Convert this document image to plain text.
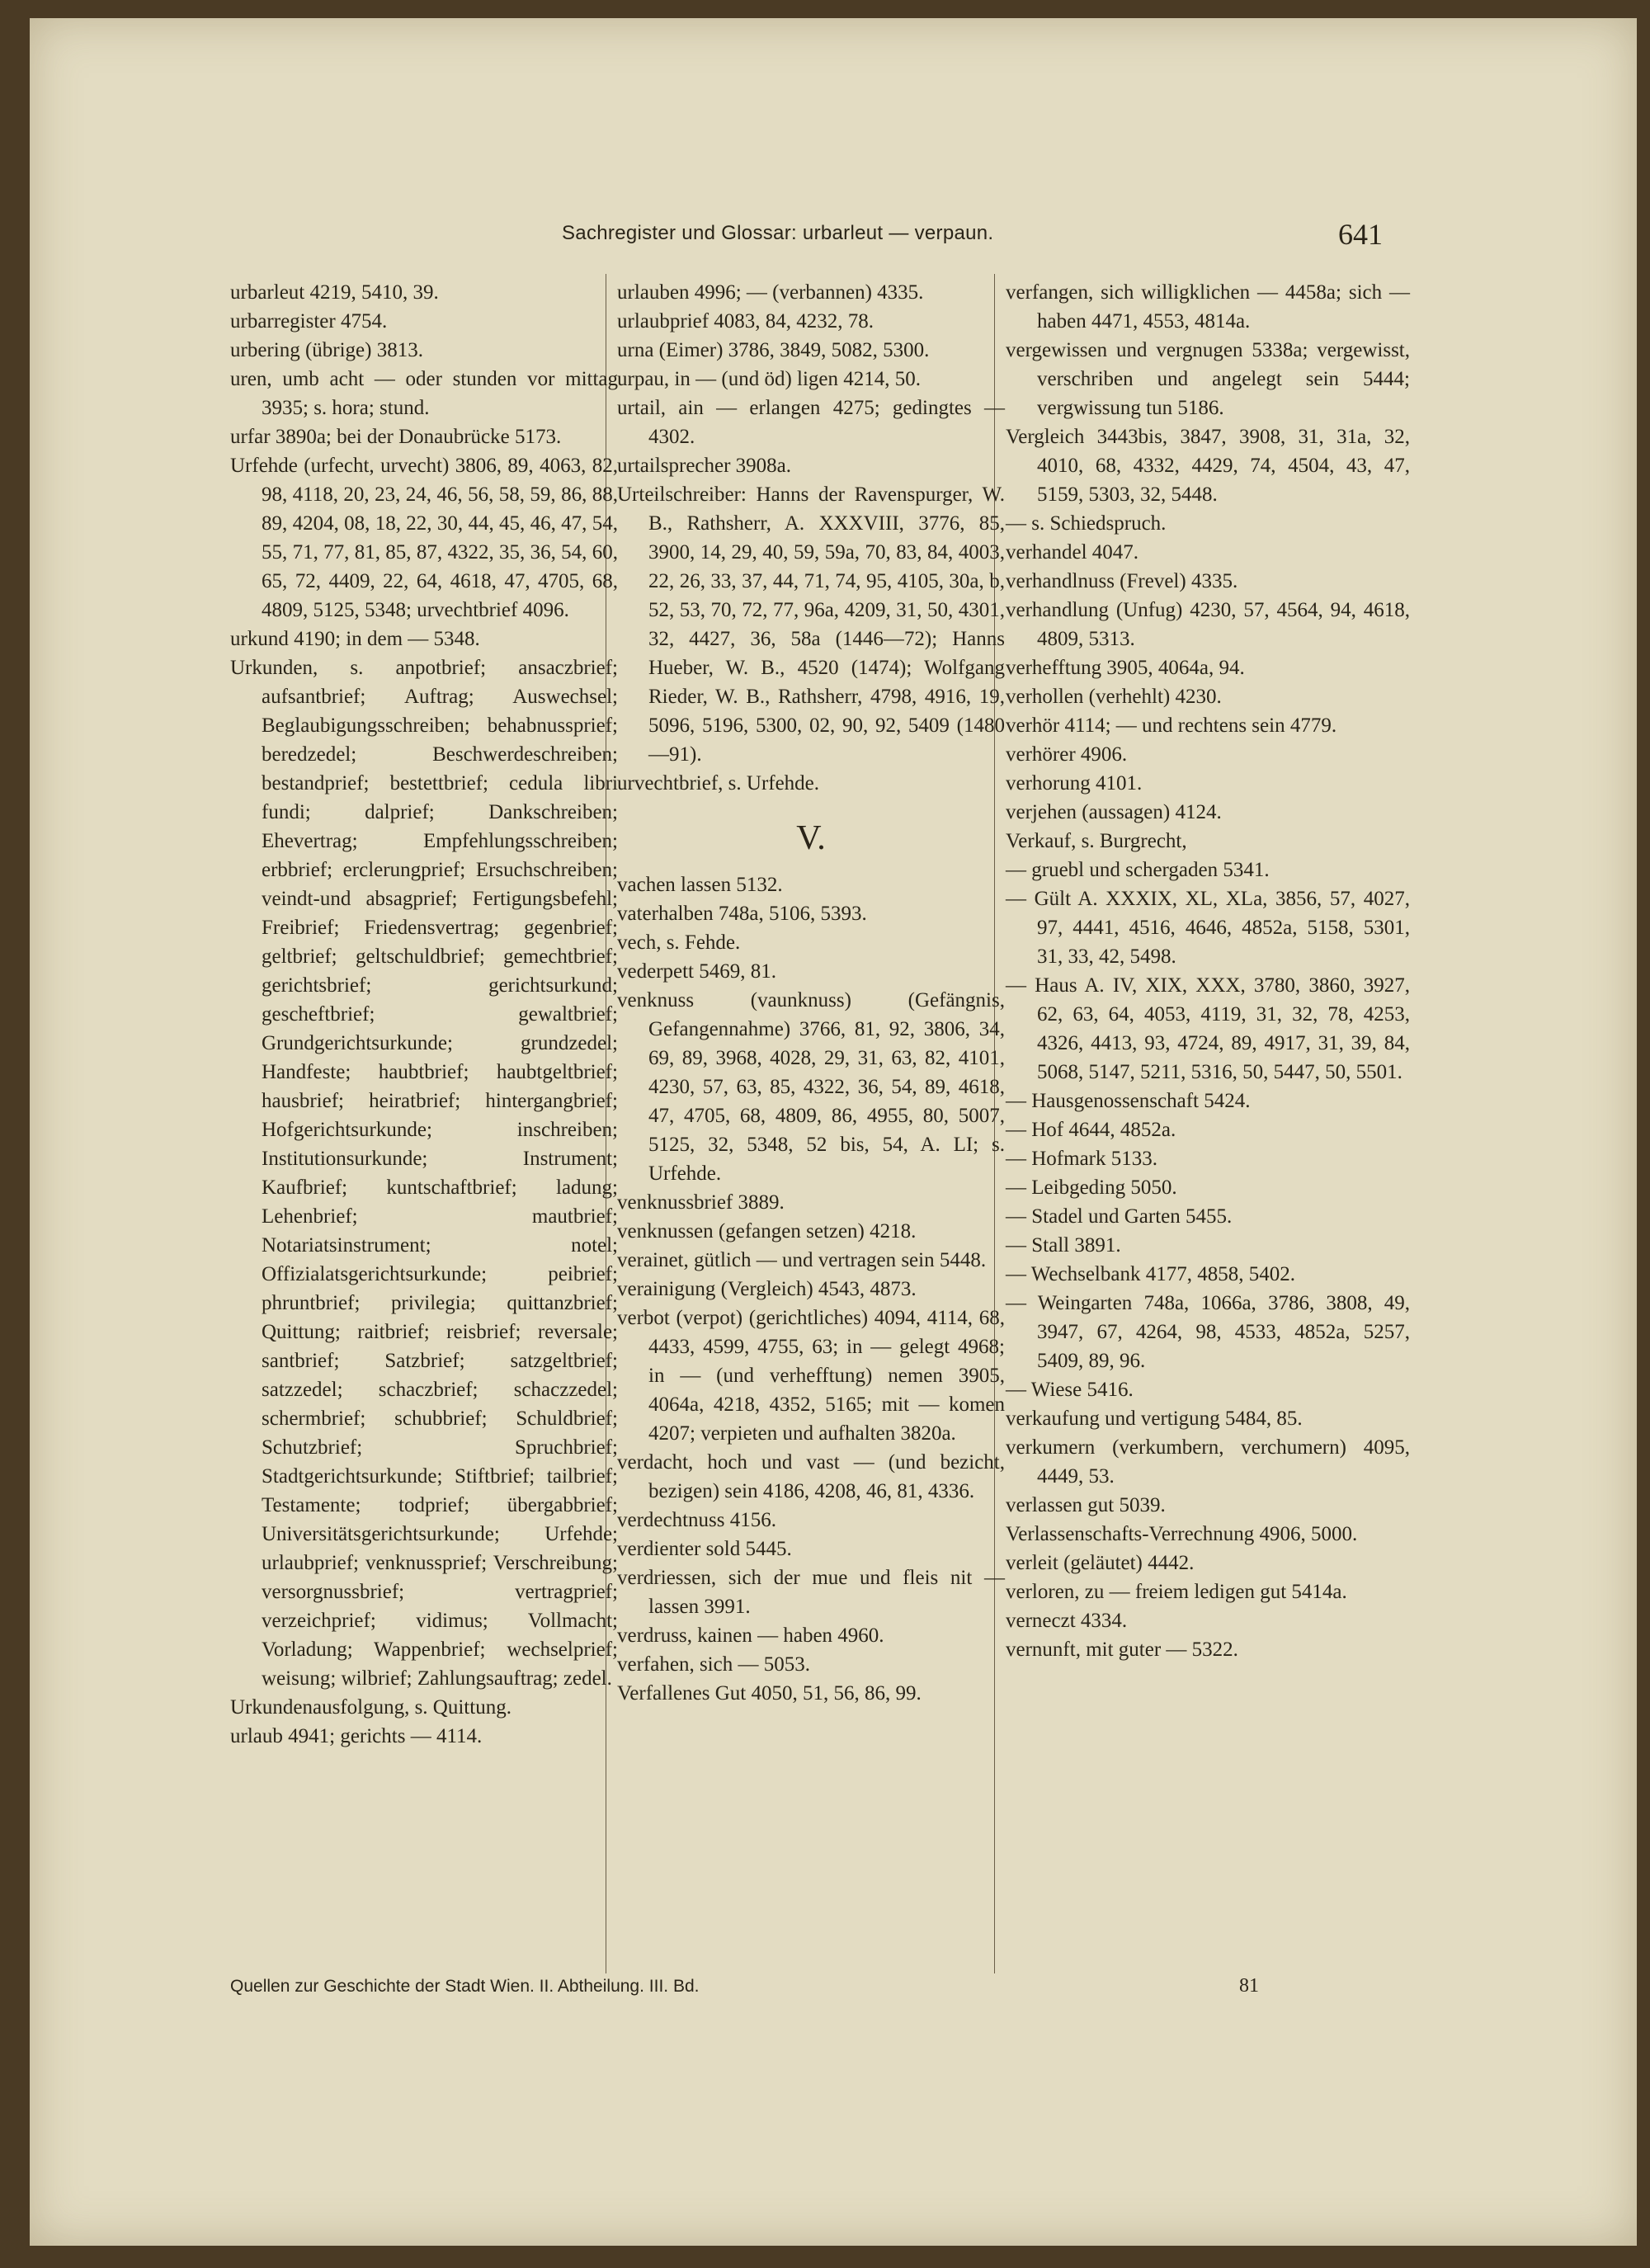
Sachregister und Glossar: urbarleut — verpaun.	641
urbarleut 4219, 5410, 39.
urbarregister 4754.
urbering (übrige) 3813.
uren, umb acht — oder stunden vor mittag 3935; s. hora; stund.
urfar 3890a; bei der Donaubrücke 5173.
Urfehde (urfecht, urvecht) 3806, 89, 4063, 82, 98, 4118, 20, 23, 24, 46, 56, 58, 59, 86, 88, 89, 4204, 08, 18, 22, 30, 44, 45, 46, 47, 54, 55, 71, 77, 81, 85, 87, 4322, 35, 36, 54, 60, 65, 72, 4409, 22, 64, 4618, 47, 4705, 68, 4809, 5125, 5348; urvechtbrief 4096.
urkund 4190; in dem — 5348.
Urkunden, s. anpotbrief; ansaczbrief; aufsantbrief; Auftrag; Auswechsel; Beglaubigungsschreiben; behabnussprief; beredzedel; Beschwerdeschreiben; bestandprief; bestettbrief; cedula libri fundi; dalprief; Dankschreiben; Ehevertrag; Empfehlungsschreiben; erbbrief; erclerungprief; Ersuchschreiben; veindt-und absagprief; Fertigungsbefehl; Freibrief; Friedensvertrag; gegenbrief; geltbrief; geltschuldbrief; gemechtbrief; gerichtsbrief; gerichtsurkund; gescheftbrief; gewaltbrief; Grundgerichtsurkunde; grundzedel; Handfeste; haubtbrief; haubtgeltbrief; hausbrief; heiratbrief; hintergangbrief; Hofgerichtsurkunde; inschreiben; Institutionsurkunde; Instrument; Kaufbrief; kuntschaftbrief; ladung; Lehenbrief; mautbrief; Notariatsinstrument; notel; Offizialatsgerichtsurkunde; peibrief; phruntbrief; privilegia; quittanzbrief; Quittung; raitbrief; reisbrief; reversale; santbrief; Satzbrief; satzgeltbrief; satzzedel; schaczbrief; schaczzedel; schermbrief; schubbrief; Schuldbrief; Schutzbrief; Spruchbrief; Stadtgerichtsurkunde; Stiftbrief; tailbrief; Testamente; todprief; übergabbrief; Universitätsgerichtsurkunde; Urfehde; urlaubprief; venknussprief; Verschreibung; versorgnussbrief; vertragprief; verzeichprief; vidimus; Vollmacht; Vorladung; Wappenbrief; wechselprief; weisung; wilbrief; Zahlungsauftrag; zedel.
Urkundenausfolgung, s. Quittung.
urlaub 4941; gerichts — 4114.
urlauben 4996; — (verbannen) 4335.
urlaubprief 4083, 84, 4232, 78.
urna (Eimer) 3786, 3849, 5082, 5300.
urpau, in — (und öd) ligen 4214, 50.
urtail, ain — erlangen 4275; gedingtes — 4302.
urtailsprecher 3908a.
Urteilschreiber: Hanns der Ravenspurger, W. B., Rathsherr, A. XXXVIII, 3776, 85, 3900, 14, 29, 40, 59, 59a, 70, 83, 84, 4003, 22, 26, 33, 37, 44, 71, 74, 95, 4105, 30a, b, 52, 53, 70, 72, 77, 96a, 4209, 31, 50, 4301, 32, 4427, 36, 58a (1446—72); Hanns Hueber, W. B., 4520 (1474); Wolfgang Rieder, W. B., Rathsherr, 4798, 4916, 19, 5096, 5196, 5300, 02, 90, 92, 5409 (1480—91).
urvechtbrief, s. Urfehde.
V.
vachen lassen 5132.
vaterhalben 748a, 5106, 5393.
vech, s. Fehde.
vederpett 5469, 81.
venknuss (vaunknuss) (Gefängnis, Gefangennahme) 3766, 81, 92, 3806, 34, 69, 89, 3968, 4028, 29, 31, 63, 82, 4101, 4230, 57, 63, 85, 4322, 36, 54, 89, 4618, 47, 4705, 68, 4809, 86, 4955, 80, 5007, 5125, 32, 5348, 52 bis, 54, A. LI; s. Urfehde.
venknussbrief 3889.
venknussen (gefangen setzen) 4218.
verainet, gütlich — und vertragen sein 5448.
verainigung (Vergleich) 4543, 4873.
verbot (verpot) (gerichtliches) 4094, 4114, 68, 4433, 4599, 4755, 63; in — gelegt 4968; in — (und verhefftung) nemen 3905, 4064a, 4218, 4352, 5165; mit — komen 4207; verpieten und aufhalten 3820a.
verdacht, hoch und vast — (und bezicht, bezigen) sein 4186, 4208, 46, 81, 4336.
verdechtnuss 4156.
verdienter sold 5445.
verdriessen, sich der mue und fleis nit — lassen 3991.
verdruss, kainen — haben 4960.
verfahen, sich — 5053.
Verfallenes Gut 4050, 51, 56, 86, 99.
verfangen, sich willigklichen — 4458a; sich — haben 4471, 4553, 4814a.
vergewissen und vergnugen 5338a; vergewisst, verschriben und angelegt sein 5444; vergwissung tun 5186.
Vergleich 3443bis, 3847, 3908, 31, 31a, 32, 4010, 68, 4332, 4429, 74, 4504, 43, 47, 5159, 5303, 32, 5448.
— s. Schiedspruch.
verhandel 4047.
verhandlnuss (Frevel) 4335.
verhandlung (Unfug) 4230, 57, 4564, 94, 4618, 4809, 5313.
verhefftung 3905, 4064a, 94.
verhollen (verhehlt) 4230.
verhör 4114; — und rechtens sein 4779.
verhörer 4906.
verhorung 4101.
verjehen (aussagen) 4124.
Verkauf, s. Burgrecht,
— gruebl und schergaden 5341.
— Gült A. XXXIX, XL, XLa, 3856, 57, 4027, 97, 4441, 4516, 4646, 4852a, 5158, 5301, 31, 33, 42, 5498.
— Haus A. IV, XIX, XXX, 3780, 3860, 3927, 62, 63, 64, 4053, 4119, 31, 32, 78, 4253, 4326, 4413, 93, 4724, 89, 4917, 31, 39, 84, 5068, 5147, 5211, 5316, 50, 5447, 50, 5501.
— Hausgenossenschaft 5424.
— Hof 4644, 4852a.
— Hofmark 5133.
— Leibgeding 5050.
— Stadel und Garten 5455.
— Stall 3891.
— Wechselbank 4177, 4858, 5402.
— Weingarten 748a, 1066a, 3786, 3808, 49, 3947, 67, 4264, 98, 4533, 4852a, 5257, 5409, 89, 96.
— Wiese 5416.
verkaufung und vertigung 5484, 85.
verkumern (verkumbern, verchumern) 4095, 4449, 53.
verlassen gut 5039.
Verlassenschafts-Verrechnung 4906, 5000.
verleit (geläutet) 4442.
verloren, zu — freiem ledigen gut 5414a.
verneczt 4334.
vernunft, mit guter — 5322.
Quellen zur Geschichte der Stadt Wien. II. Abtheilung. III. Bd.	81
